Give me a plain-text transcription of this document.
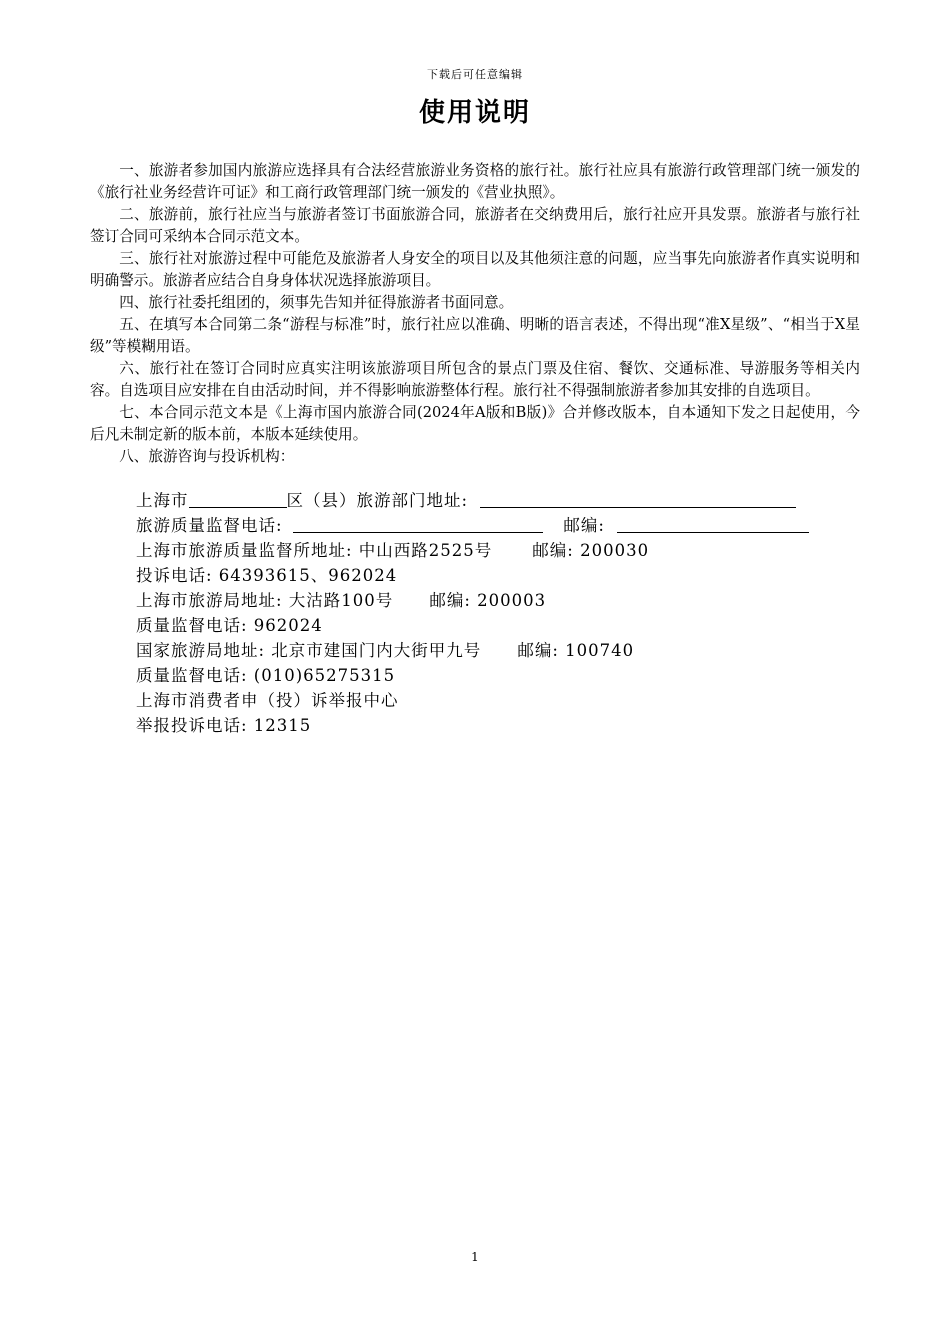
下载后可任意编辑
使用说明

一、旅游者参加国内旅游应选择具有合法经营旅游业务资格的旅行社。旅行社应具有旅游行政管理部门统一颁发的《旅行社业务经营许可证》和工商行政管理部门统一颁发的《营业执照》。

二、旅游前，旅行社应当与旅游者签订书面旅游合同，旅游者在交纳费用后，旅行社应开具发票。旅游者与旅行社签订合同可采纳本合同示范文本。

三、旅行社对旅游过程中可能危及旅游者人身安全的项目以及其他须注意的问题，应当事先向旅游者作真实说明和明确警示。旅游者应结合自身身体状况选择旅游项目。

四、旅行社委托组团的，须事先告知并征得旅游者书面同意。

五、在填写本合同第二条“游程与标准”时，旅行社应以准确、明晰的语言表述，不得出现“准X星级”、“相当于X星级”等模糊用语。

六、旅行社在签订合同时应真实注明该旅游项目所包含的景点门票及住宿、餐饮、交通标准、导游服务等相关内容。自选项目应安排在自由活动时间，并不得影响旅游整体行程。旅行社不得强制旅游者参加其安排的自选项目。

七、本合同示范文本是《上海市国内旅游合同(2024年A版和B版)》合并修改版本，自本通知下发之日起使用，今后凡未制定新的版本前，本版本延续使用。

八、旅游咨询与投诉机构：

上海市	区（县）旅游部门地址:
旅游质量监督电话:	邮编:
上海市旅游质量监督所地址: 中山西路2525号 邮编: 200030
投诉电话: 64393615、962024
上海市旅游局地址: 大沽路100号 邮编: 200003
质量监督电话: 962024
国家旅游局地址: 北京市建国门内大街甲九号 邮编: 100740
质量监督电话: (010)65275315
上海市消费者申（投）诉举报中心
举报投诉电话: 12315
1
